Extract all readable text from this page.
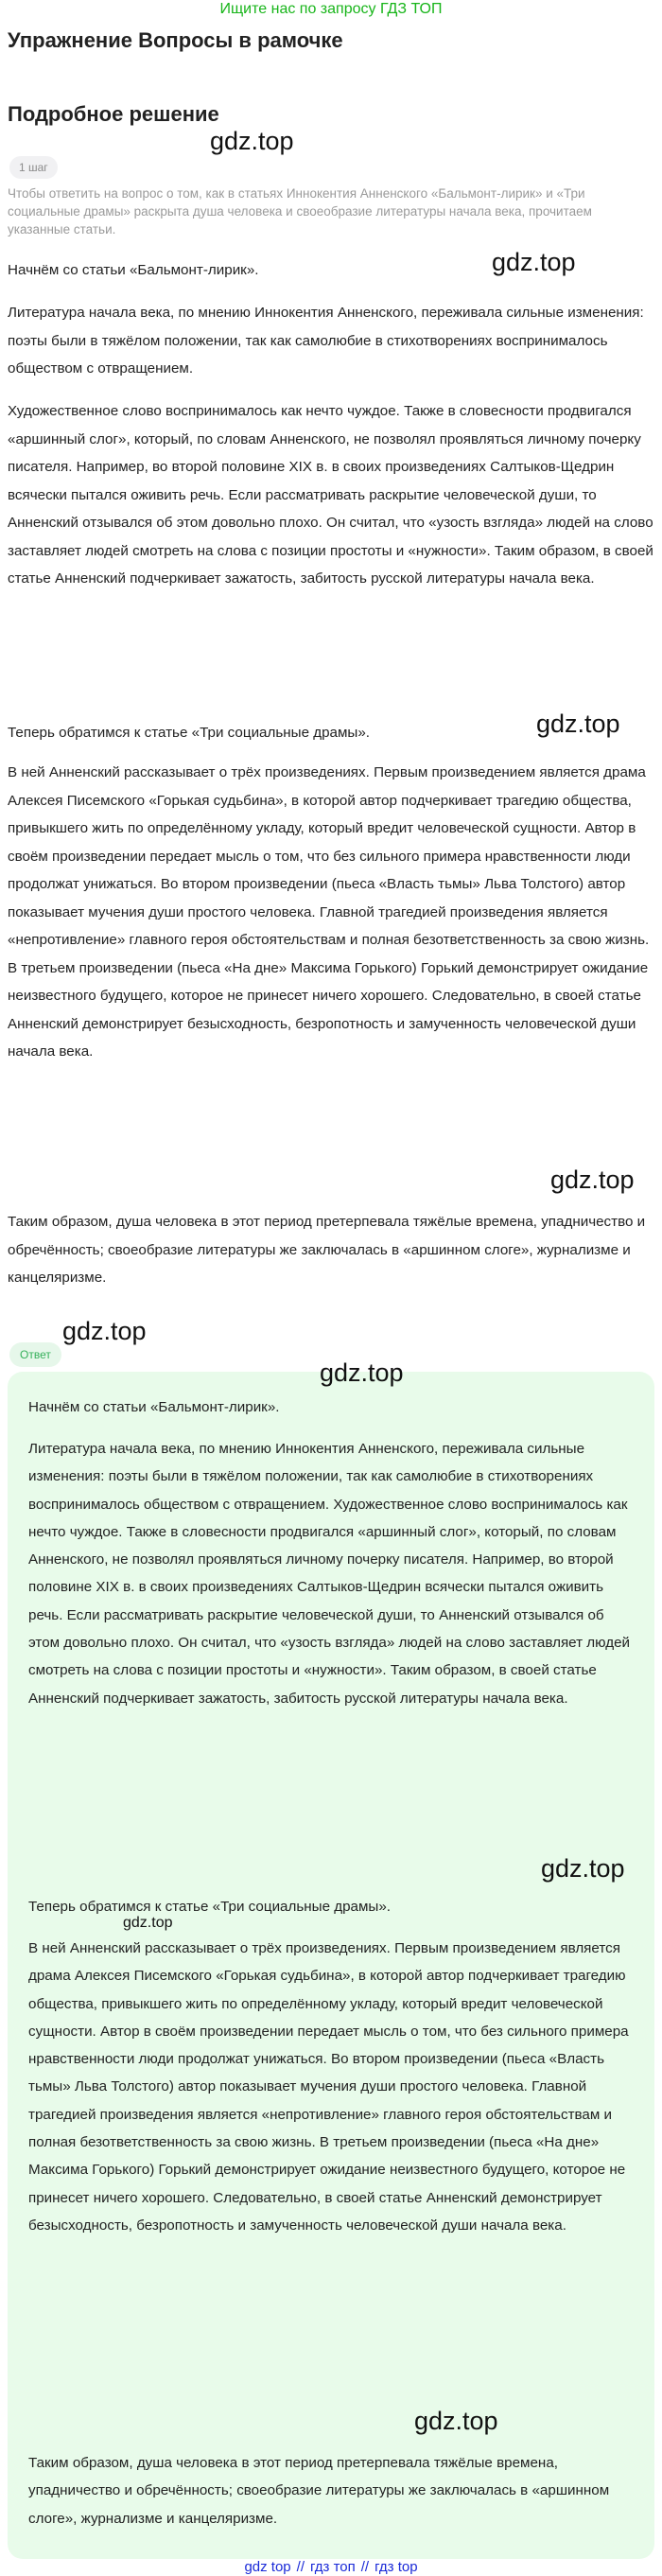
Ищите нас по запросу ГДЗ ТОП
Упражнение Вопросы в рамочке
gdz.top
Подробное решение
1 шаг
Чтобы ответить на вопрос о том, как в статьях Иннокентия Анненского «Бальмонт-лирик» и «Три социальные драмы» раскрыта душа человека и своеобразие литературы начала века, прочитаем указанные статьи.
Начнём со статьи «Бальмонт-лирик».	gdz.top
Литература начала века, по мнению Иннокентия Анненского, переживала сильные изменения: поэты были в тяжёлом положении, так как самолюбие в стихотворениях воспринималось обществом с отвращением.
Художественное слово воспринималось как нечто чуждое. Также в словесности продвигался «аршинный слог», который, по словам Анненского, не позволял проявляться личному почерку писателя. Например, во второй половине XIX в. в своих произведениях Салтыков-Щедрин всячески пытался оживить речь. Если рассматривать раскрытие человеческой души, то Анненский отзывался об этом довольно плохо. Он считал, что «узость взгляда» людей на слово заставляет людей смотреть на слова с позиции простоты и «нужности». Таким образом, в своей статье Анненский подчеркивает зажатость, забитость русской литературы начала века.
Теперь обратимся к статье «Три социальные драмы».	gdz.top
В ней Анненский рассказывает о трёх произведениях. Первым произведением является драма Алексея Писемского «Горькая судьбина», в которой автор подчеркивает трагедию общества, привыкшего жить по определённому укладу, который вредит человеческой сущности. Автор в своём произведении передает мысль о том, что без сильного примера нравственности люди продолжат унижаться. Во втором произведении (пьеса «Власть тьмы» Льва Толстого) автор показывает мучения души простого человека. Главной трагедией произведения является «непротивление» главного героя обстоятельствам и полная безответственность за свою жизнь. В третьем произведении (пьеса «На дне» Максима Горького) Горький демонстрирует ожидание неизвестного будущего, которое не принесет ничего хорошего. Следовательно, в своей статье Анненский демонстрирует безысходность, безропотность и замученность человеческой души начала века.
gdz.top
Таким образом, душа человека в этот период претерпевала тяжёлые времена, упадничество и обречённость; своеобразие литературы же заключалась в «аршинном слоге», журнализме и канцеляризме.
Ответ
gdz.top
gdz.top
Начнём со статьи «Бальмонт-лирик».
Литература начала века, по мнению Иннокентия Анненского, переживала сильные изменения: поэты были в тяжёлом положении, так как самолюбие в стихотворениях воспринималось обществом с отвращением. Художественное слово воспринималось как нечто чуждое. Также в словесности продвигался «аршинный слог», который, по словам Анненского, не позволял проявляться личному почерку писателя. Например, во второй половине XIX в. в своих произведениях Салтыков-Щедрин всячески пытался оживить речь. Если рассматривать раскрытие человеческой души, то Анненский отзывался об этом довольно плохо. Он считал, что «узость взгляда» людей на слово заставляет людей смотреть на слова с позиции простоты и «нужности». Таким образом, в своей статье Анненский подчеркивает зажатость, забитость русской литературы начала века.
gdz.top
Теперь обратимся к статье «Три социальные драмы».
gdz.top
В ней Анненский рассказывает о трёх произведениях. Первым произведением является драма Алексея Писемского «Горькая судьбина», в которой автор подчеркивает трагедию общества, привыкшего жить по определённому укладу, который вредит человеческой сущности. Автор в своём произведении передает мысль о том, что без сильного примера нравственности люди продолжат унижаться. Во втором произведении (пьеса «Власть тьмы» Льва Толстого) автор показывает мучения души простого человека. Главной трагедией произведения является «непротивление» главного героя обстоятельствам и полная безответственность за свою жизнь. В третьем произведении (пьеса «На дне» Максима Горького) Горький демонстрирует ожидание неизвестного будущего, которое не принесет ничего хорошего. Следовательно, в своей статье Анненский демонстрирует безысходность, безропотность и замученность человеческой души начала века.
gdz.top
Таким образом, душа человека в этот период претерпевала тяжёлые времена, упадничество и обречённость; своеобразие литературы же заключалась в «аршинном слоге», журнализме и канцеляризме.
gdz top // гдз топ // гдз top
